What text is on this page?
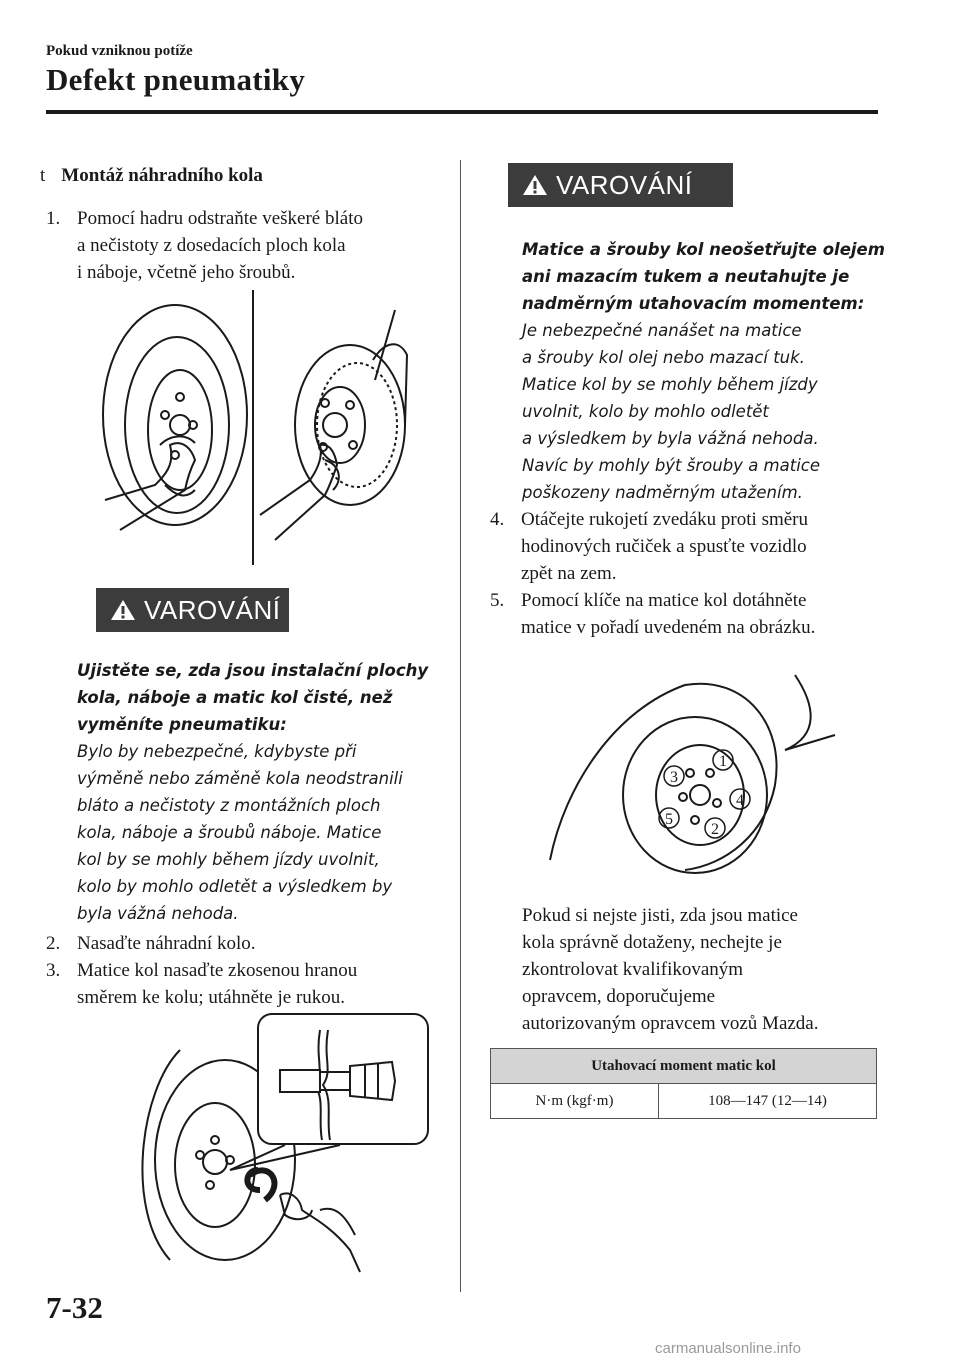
Pokud vzniknou potíže
Defekt pneumatiky
t Montáž náhradního kola
1. Pomocí hadru odstraňte veškeré bláto
a nečistoty z dosedacích ploch kola
i náboje, včetně jeho šroubů.
VAROVÁNÍ
Ujistěte se, zda jsou instalační plochy
kola, náboje a matic kol čisté, než
vyměníte pneumatiku:
Bylo by nebezpečné, kdybyste při
výměně nebo záměně kola neodstranili
bláto a nečistoty z montážních ploch
kola, náboje a šroubů náboje. Matice
kol by se mohly během jízdy uvolnit,
kolo by mohlo odletět a výsledkem by
byla vážná nehoda.
2. Nasaďte náhradní kolo.
3. Matice kol nasaďte zkosenou hranou
směrem ke kolu; utáhněte je rukou.
VAROVÁNÍ
Matice a šrouby kol neošetřujte olejem
ani mazacím tukem a neutahujte je
nadměrným utahovacím momentem:
Je nebezpečné nanášet na matice
a šrouby kol olej nebo mazací tuk.
Matice kol by se mohly během jízdy
uvolnit, kolo by mohlo odletět
a výsledkem by byla vážná nehoda.
Navíc by mohly být šrouby a matice
poškozeny nadměrným utažením.
4. Otáčejte rukojetí zvedáku proti směru
hodinových ručiček a spusťte vozidlo
zpět na zem.
5. Pomocí klíče na matice kol dotáhněte
matice v pořadí uvedeném na obrázku.
1
2
3
4
5
Pokud si nejste jisti, zda jsou matice
kola správně dotaženy, nechejte je
zkontrolovat kvalifikovaným
opravcem, doporučujeme
autorizovaným opravcem vozů Mazda.
Utahovací moment matic kol
N·m (kgf·m)	108—147 (12—14)
7-32
carmanualsonline.info
